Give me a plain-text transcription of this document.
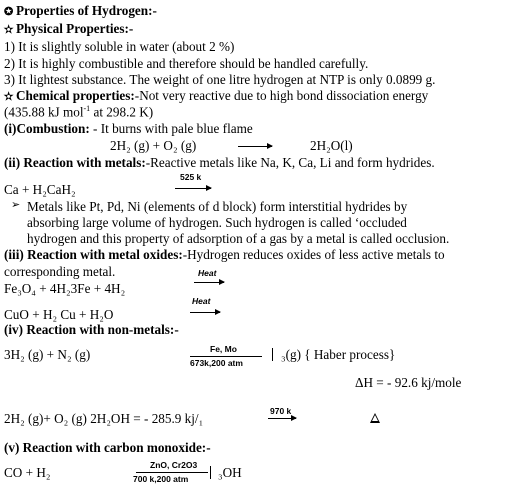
✪ Properties of Hydrogen:-
✫ Physical Properties:-
1) It is slightly soluble in water (about 2 %)
2) It is highly combustible and therefore should be handled carefully.
3) It lightest substance. The weight of one litre hydrogen at NTP is only 0.0899 g.
✫ Chemical properties:-Not very reactive due to high bond dissociation energy
(435.88 kJ mol$^{-1}$ at 298.2 K)
(i)Combustion: - It burns with pale blue flame
2H₂ (g) + O₂ (g)	2H₂O(l)
(ii) Reaction with metals:-Reactive metals like Na, K, Ca, Li and form hydrides.
525 k
Ca + H₂CaH₂
➢ Metals like Pt, Pd, Ni (elements of d block) form interstitial hydrides by
absorbing large volume of hydrogen. Such hydrogen is called ‘occluded
hydrogen and this property of adsorption of a gas by a metal is called occlusion.
(iii) Reaction with metal oxides:-Hydrogen reduces oxides of less active metals to
corresponding metal.	Heat
Fe₃O₄ + 4H₂3Fe + 4H₂
Heat
CuO + H₂ Cu + H₂O
(iv) Reaction with non-metals:-
3H₂ (g) + N₂ (g)	Fe, Mo
673k,200 atm
₃(g) { Haber process}
ΔH = - 92.6 kj/mole
970 k
2H₂ (g)+ O₂ (g) 2H₂OH = - 285.9 kj/₁
(v) Reaction with carbon monoxide:-
CO + H₂	ZnO, Cr2O3
700 k,200 atm	₃OH
